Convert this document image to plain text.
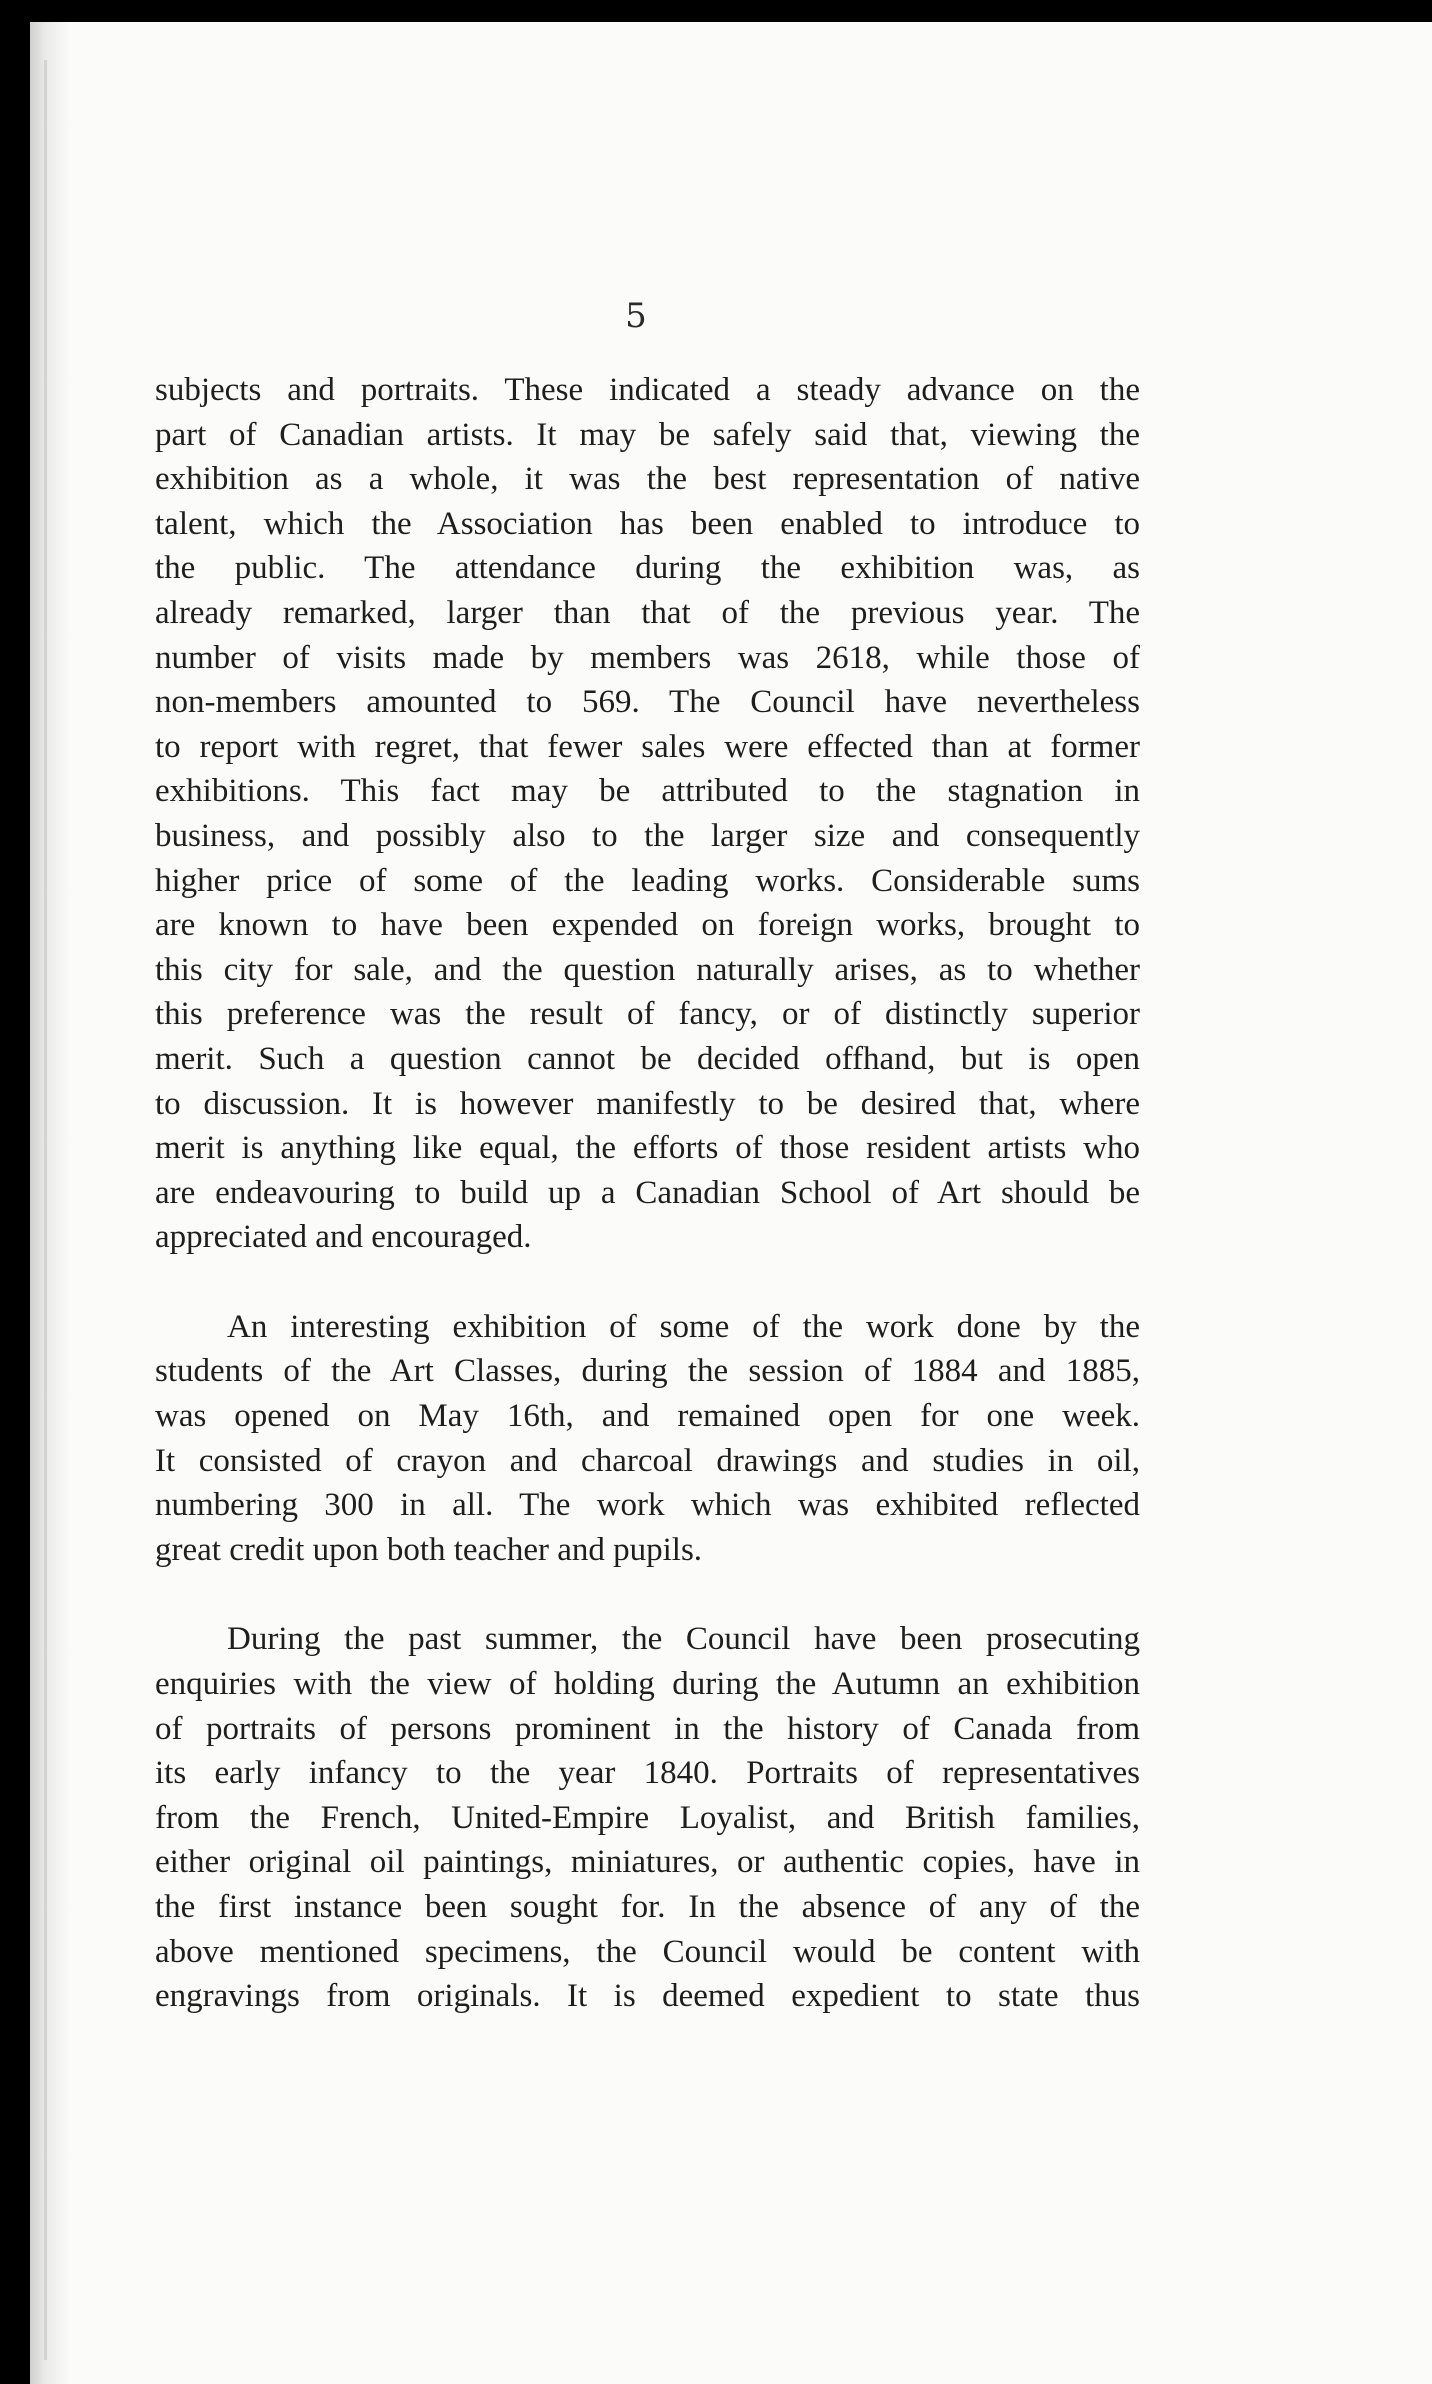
5

subjects and portraits. These indicated a steady advance on the
part of Canadian artists. It may be safely said that, viewing the
exhibition as a whole, it was the best representation of native
talent, which the Association has been enabled to introduce to
the public. The attendance during the exhibition was, as
already remarked, larger than that of the previous year. The
number of visits made by members was 2618, while those of
non-members amounted to 569. The Council have nevertheless
to report with regret, that fewer sales were effected than at former
exhibitions. This fact may be attributed to the stagnation in
business, and possibly also to the larger size and consequently
higher price of some of the leading works. Considerable sums
are known to have been expended on foreign works, brought to
this city for sale, and the question naturally arises, as to whether
this preference was the result of fancy, or of distinctly superior
merit. Such a question cannot be decided offhand, but is open
to discussion. It is however manifestly to be desired that, where
merit is anything like equal, the efforts of those resident artists who
are endeavouring to build up a Canadian School of Art should be
appreciated and encouraged.

An interesting exhibition of some of the work done by the
students of the Art Classes, during the session of 1884 and 1885,
was opened on May 16th, and remained open for one week.
It consisted of crayon and charcoal drawings and studies in oil,
numbering 300 in all. The work which was exhibited reflected
great credit upon both teacher and pupils.

During the past summer, the Council have been prosecuting
enquiries with the view of holding during the Autumn an exhibition
of portraits of persons prominent in the history of Canada from
its early infancy to the year 1840. Portraits of representatives
from the French, United-Empire Loyalist, and British families,
either original oil paintings, miniatures, or authentic copies, have in
the first instance been sought for. In the absence of any of the
above mentioned specimens, the Council would be content with
engravings from originals. It is deemed expedient to state thus
